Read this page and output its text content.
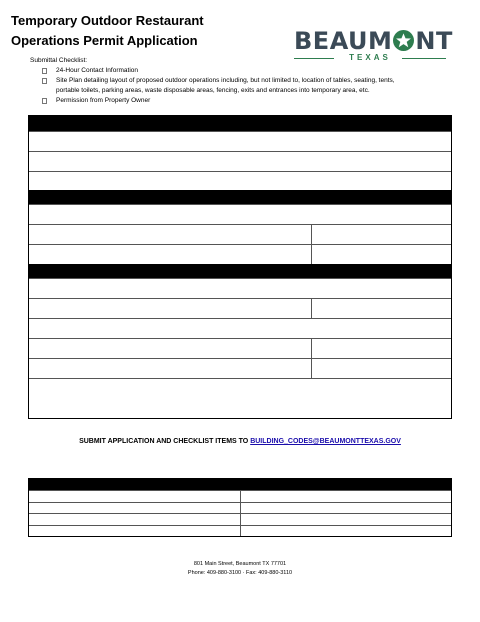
Temporary Outdoor Restaurant
Operations Permit Application	BEAUM NT
TEXAS
Submittal Checklist:
24-Hour Contact Information
Site Plan detailing layout of proposed outdoor operations including, but not limited to, location of tables, seating, tents,
portable toilets, parking areas, waste disposable areas, fencing, exits and entrances into temporary area, etc.
Permission from Property Owner
SUBMIT APPLICATION AND CHECKLIST ITEMS TO BUILDING_CODES@BEAUMONTTEXAS.GOV
801 Main Street, Beaumont TX 77701
Phone: 409-880-3100 · Fax: 409-880-3110
